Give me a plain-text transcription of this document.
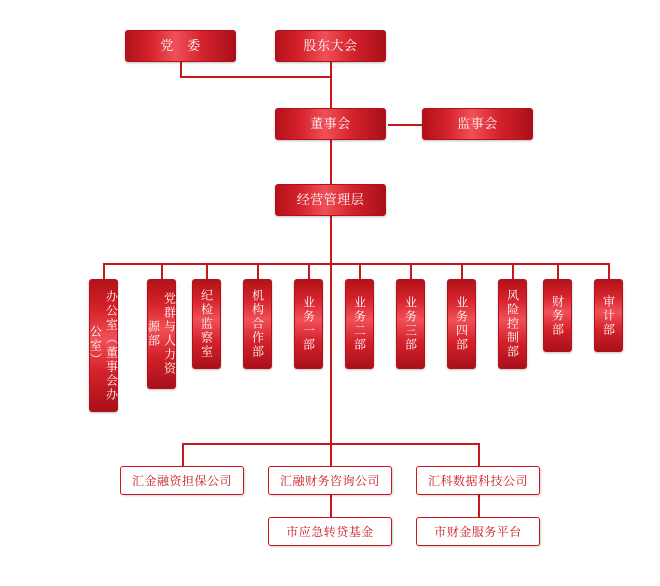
党　委	股东大会
董事会	监事会
经营管理层
办公室（董事会办公室）	党群与人力资源部	纪检监察室	机构合作部	业务一部	业务二部	业务三部	业务四部	风险控制部	财务部	审计部
汇金融资担保公司	汇融财务咨询公司	汇科数据科技公司
市应急转贷基金	市财金服务平台
